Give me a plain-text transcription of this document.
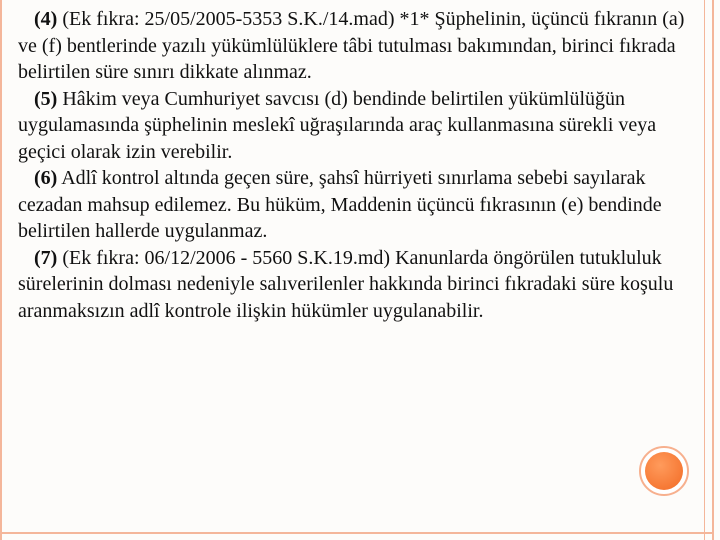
(4) (Ek fıkra: 25/05/2005-5353 S.K./14.mad) *1* Şüphelinin, üçüncü fıkranın (a) ve (f) bentlerinde yazılı yükümlülüklere tâbi tutulması bakımından, birinci fıkrada belirtilen süre sınırı dikkate alınmaz.

(5) Hâkim veya Cumhuriyet savcısı (d) bendinde belirtilen yükümlülüğün uygulamasında şüphelinin meslekî uğraşılarında araç kullanmasına sürekli veya geçici olarak izin verebilir.

(6) Adlî kontrol altında geçen süre, şahsî hürriyeti sınırlama sebebi sayılarak cezadan mahsup edilemez. Bu hüküm, Maddenin üçüncü fıkrasının (e) bendinde belirtilen hallerde uygulanmaz.

(7) (Ek fıkra: 06/12/2006 - 5560 S.K.19.md) Kanunlarda öngörülen tutukluluk sürelerinin dolması nedeniyle salıverilenler hakkında birinci fıkradaki süre koşulu aranmaksızın adlî kontrole ilişkin hükümler uygulanabilir.
